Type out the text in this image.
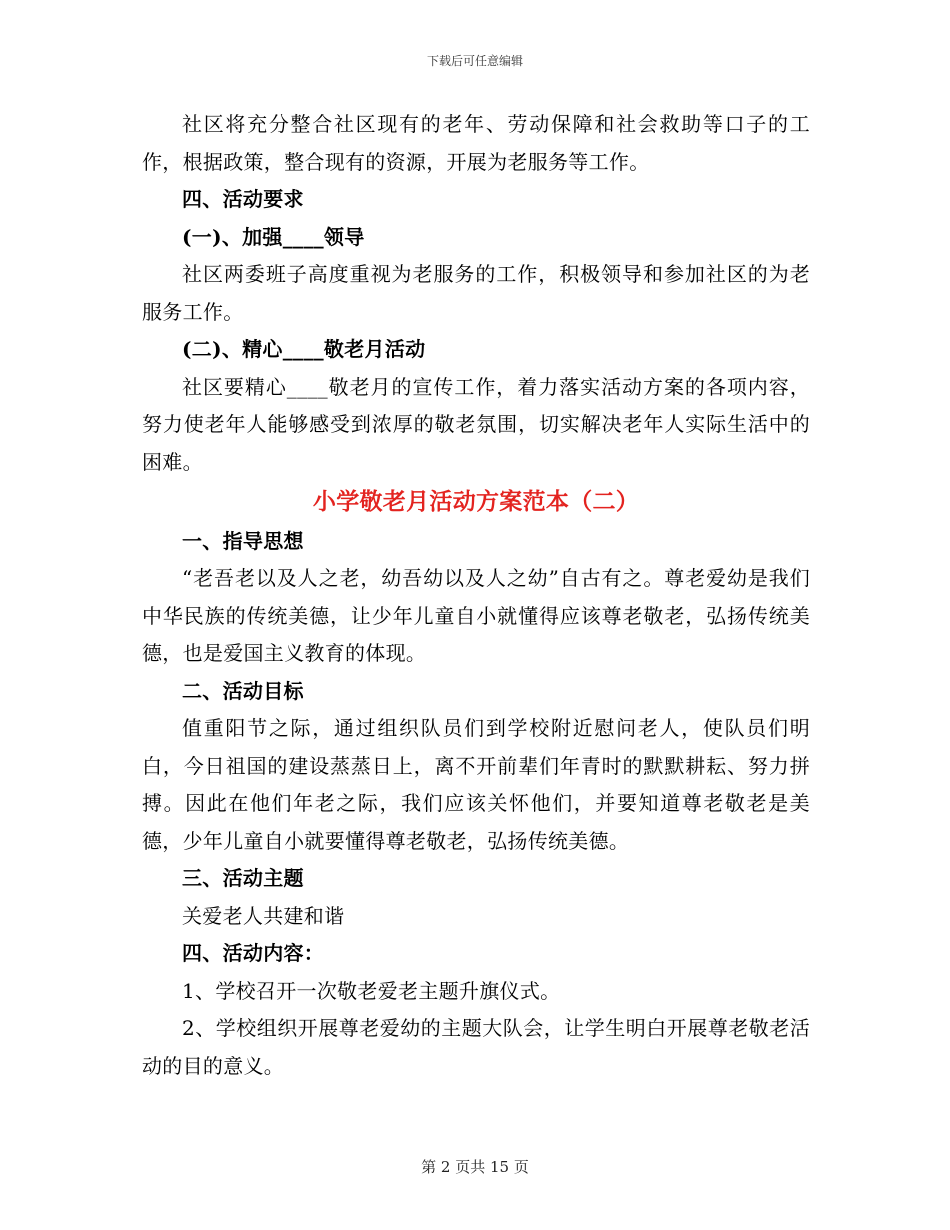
下载后可任意编辑

社区将充分整合社区现有的老年、劳动保障和社会救助等口子的工作，根据政策，整合现有的资源，开展为老服务等工作。

四、活动要求

(一)、加强____领导

社区两委班子高度重视为老服务的工作，积极领导和参加社区的为老服务工作。

(二)、精心____敬老月活动

社区要精心____敬老月的宣传工作，着力落实活动方案的各项内容，努力使老年人能够感受到浓厚的敬老氛围，切实解决老年人实际生活中的困难。

小学敬老月活动方案范本（二）

一、指导思想

“老吾老以及人之老，幼吾幼以及人之幼”自古有之。尊老爱幼是我们中华民族的传统美德，让少年儿童自小就懂得应该尊老敬老，弘扬传统美德，也是爱国主义教育的体现。

二、活动目标

值重阳节之际，通过组织队员们到学校附近慰问老人，使队员们明白，今日祖国的建设蒸蒸日上，离不开前辈们年青时的默默耕耘、努力拼搏。因此在他们年老之际，我们应该关怀他们，并要知道尊老敬老是美德，少年儿童自小就要懂得尊老敬老，弘扬传统美德。

三、活动主题

关爱老人共建和谐

四、活动内容：

1、学校召开一次敬老爱老主题升旗仪式。

2、学校组织开展尊老爱幼的主题大队会，让学生明白开展尊老敬老活动的目的意义。

第 2 页共 15 页
